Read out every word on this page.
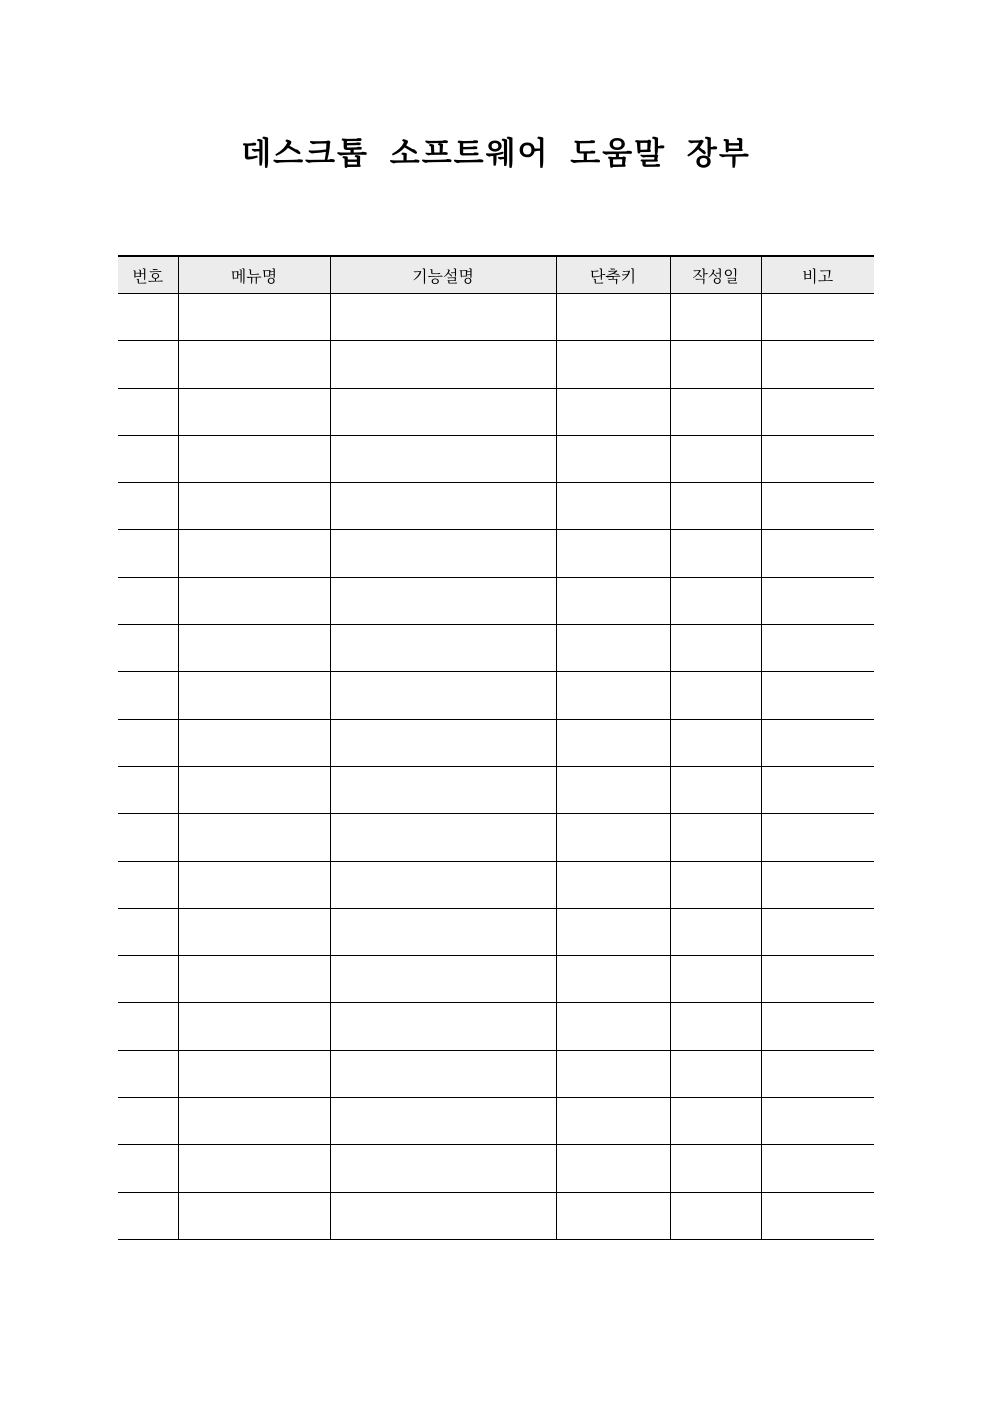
데스크톱 소프트웨어 도움말 장부
번호	메뉴명	기능설명	단축키	작성일	비고
